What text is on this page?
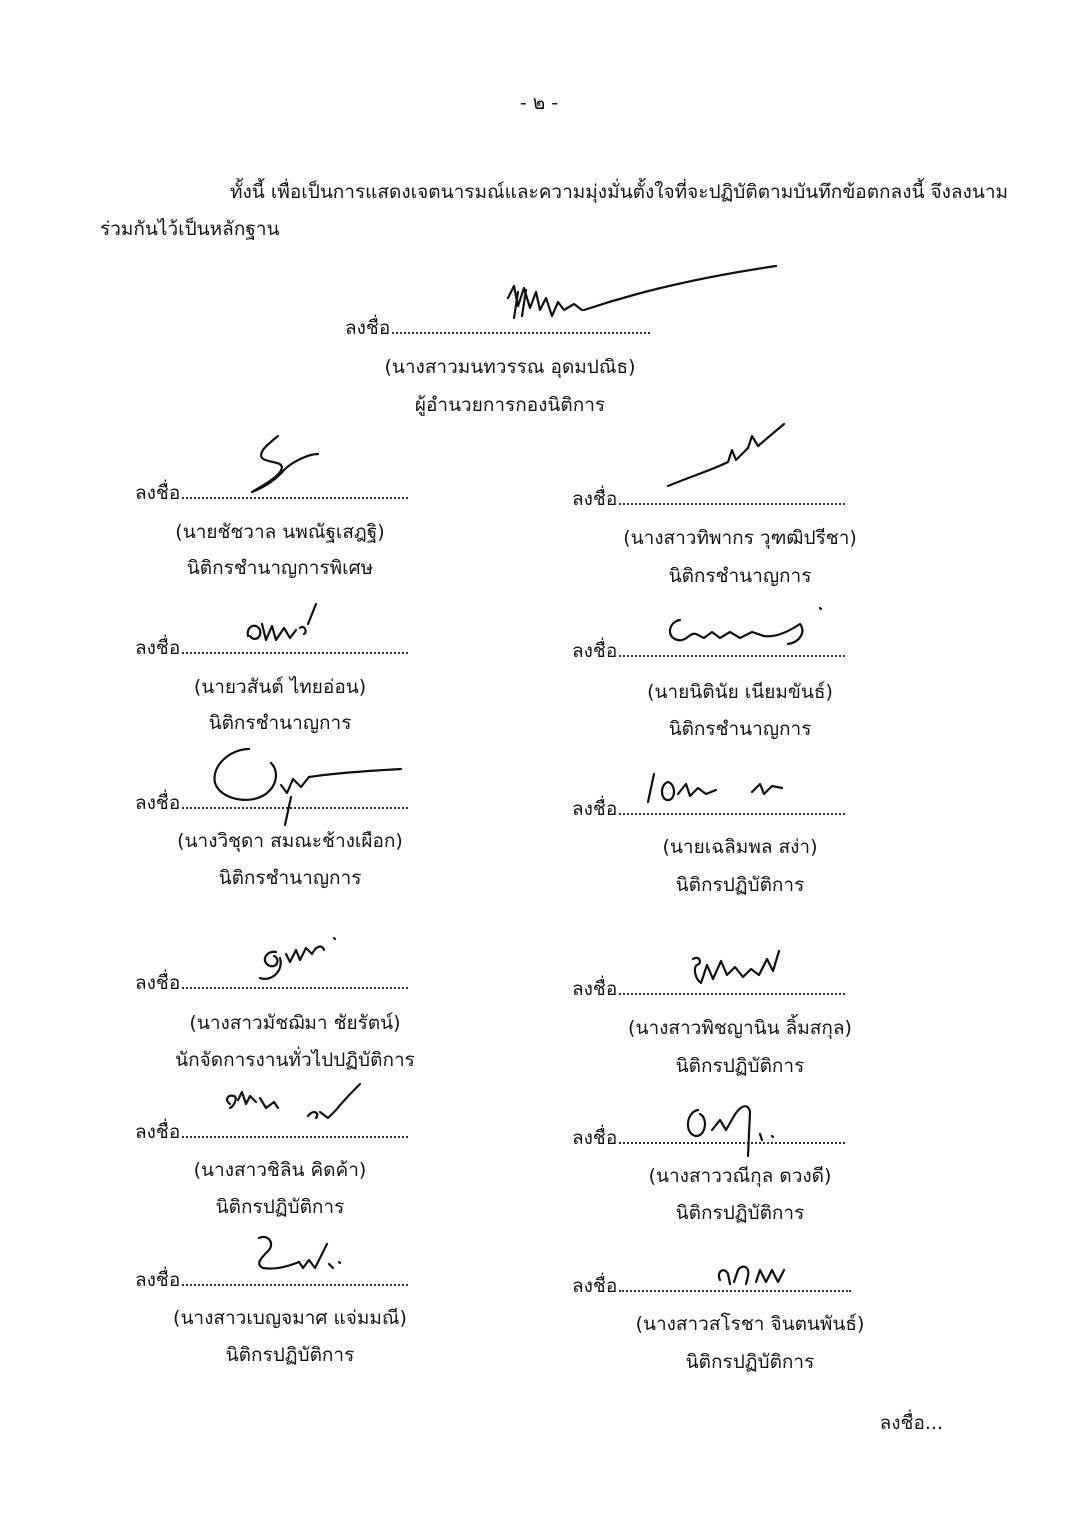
- ๒ -
ทั้งนี้ เพื่อเป็นการแสดงเจตนารมณ์และความมุ่งมั่นตั้งใจที่จะปฏิบัติตามบันทึกข้อตกลงนี้ จึงลงนาม
ร่วมกันไว้เป็นหลักฐาน
ลงชื่อ
(นางสาวมนทวรรณ อุดมปณิธ)
ผู้อำนวยการกองนิติการ
ลงชื่อ
(นายชัชวาล นพณัฐเสฎฐิ)
นิติกรชำนาญการพิเศษ
ลงชื่อ
(นางสาวทิพากร วุฑฒิปรีชา)
นิติกรชำนาญการ
ลงชื่อ
(นายวสันต์ ไทยอ่อน)
นิติกรชำนาญการ
ลงชื่อ
(นายนิตินัย เนียมขันธ์)
นิติกรชำนาญการ
ลงชื่อ
(นางวิชุดา สมณะช้างเผือก)
นิติกรชำนาญการ
ลงชื่อ
(นายเฉลิมพล สง่า)
นิติกรปฏิบัติการ
ลงชื่อ
(นางสาวมัชฌิมา ชัยรัตน์)
นักจัดการงานทั่วไปปฏิบัติการ
ลงชื่อ
(นางสาวพิชญานิน ลิ้มสกุล)
นิติกรปฏิบัติการ
ลงชื่อ
(นางสาวชิลิน คิดค้า)
นิติกรปฏิบัติการ
ลงชื่อ
(นางสาววณีกุล ดวงดี)
นิติกรปฏิบัติการ
ลงชื่อ
(นางสาวเบญจมาศ แจ่มมณี)
นิติกรปฏิบัติการ
ลงชื่อ
(นางสาวสโรชา จินตนพันธ์)
นิติกรปฏิบัติการ
ลงชื่อ...
